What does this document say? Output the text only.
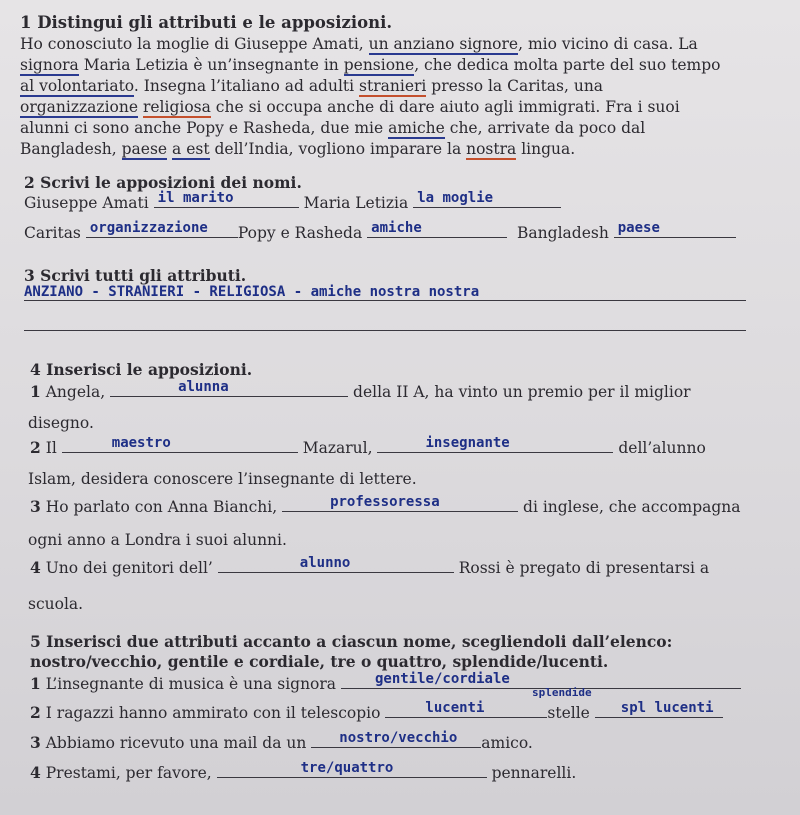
1 Distingui gli attributi e le apposizioni.
Ho conosciuto la moglie di Giuseppe Amati, un anziano signore, mio vicino di casa. La
signora Maria Letizia è un’insegnante in pensione, che dedica molta parte del suo tempo
al volontariato. Insegna l’italiano ad adulti stranieri presso la Caritas, una
organizzazione religiosa che si occupa anche di dare aiuto agli immigrati. Fra i suoi
alunni ci sono anche Popy e Rasheda, due mie amiche che, arrivate da poco dal
Bangladesh, paese a est dell’India, vogliono imparare la nostra lingua.
2 Scrivi le apposizioni dei nomi.
Giuseppe Amati il marito	Maria Letizia la moglie
Caritas organizzazione Popy e Rasheda amiche	Bangladesh paese
3 Scrivi tutti gli attributi.
ANZIANO - STRANIERI - RELIGIOSA - amiche nostra nostra
4 Inserisci le apposizioni.
1 Angela,	alunna	della II A, ha vinto un premio per il miglior
disegno.
2 Il	maestro	Mazarul,	insegnante	dell’alunno
Islam, desidera conoscere l’insegnante di lettere.
3 Ho parlato con Anna Bianchi,	professoressa	di inglese, che accompagna
ogni anno a Londra i suoi alunni.
4 Uno dei genitori dell’	alunno	Rossi è pregato di presentarsi a
scuola.
5 Inserisci due attributi accanto a ciascun nome, scegliendoli dall’elenco:
nostro/vecchio, gentile e cordiale, tre o quattro, splendide/lucenti.
1 L’insegnante di musica è una signora	gentile/cordiale
splendide
2 I ragazzi hanno ammirato con il telescopio	lucenti	stelle spl lucenti
3 Abbiamo ricevuto una mail da un nostro/vecchio amico.
4 Prestami, per favore,	tre/quattro	pennarelli.
